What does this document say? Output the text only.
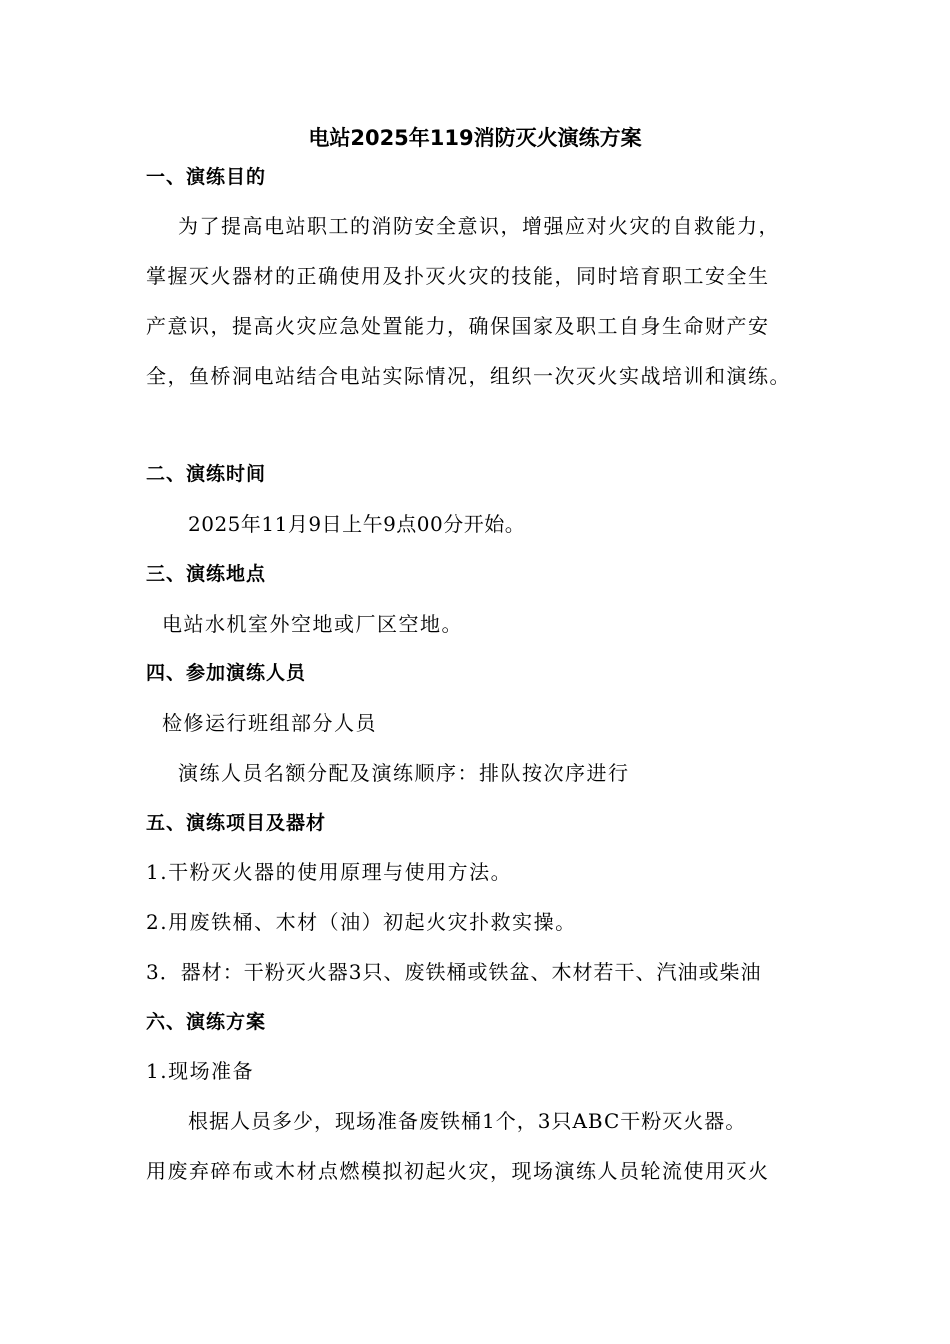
电站2025年119消防灭火演练方案
一、演练目的
为了提高电站职工的消防安全意识，增强应对火灾的自救能力，
掌握灭火器材的正确使用及扑灭火灾的技能，同时培育职工安全生
产意识，提高火灾应急处置能力，确保国家及职工自身生命财产安
全，鱼桥洞电站结合电站实际情况，组织一次灭火实战培训和演练。
二、演练时间
2025年11月9日上午9点00分开始。
三、演练地点
电站水机室外空地或厂区空地。
四、参加演练人员
检修运行班组部分人员
演练人员名额分配及演练顺序：排队按次序进行
五、演练项目及器材
1.干粉灭火器的使用原理与使用方法。
2.用废铁桶、木材（油）初起火灾扑救实操。
3．器材：干粉灭火器3只、废铁桶或铁盆、木材若干、汽油或柴油
六、演练方案
1.现场准备
根据人员多少，现场准备废铁桶1个，3只ABC干粉灭火器。
用废弃碎布或木材点燃模拟初起火灾，现场演练人员轮流使用灭火
